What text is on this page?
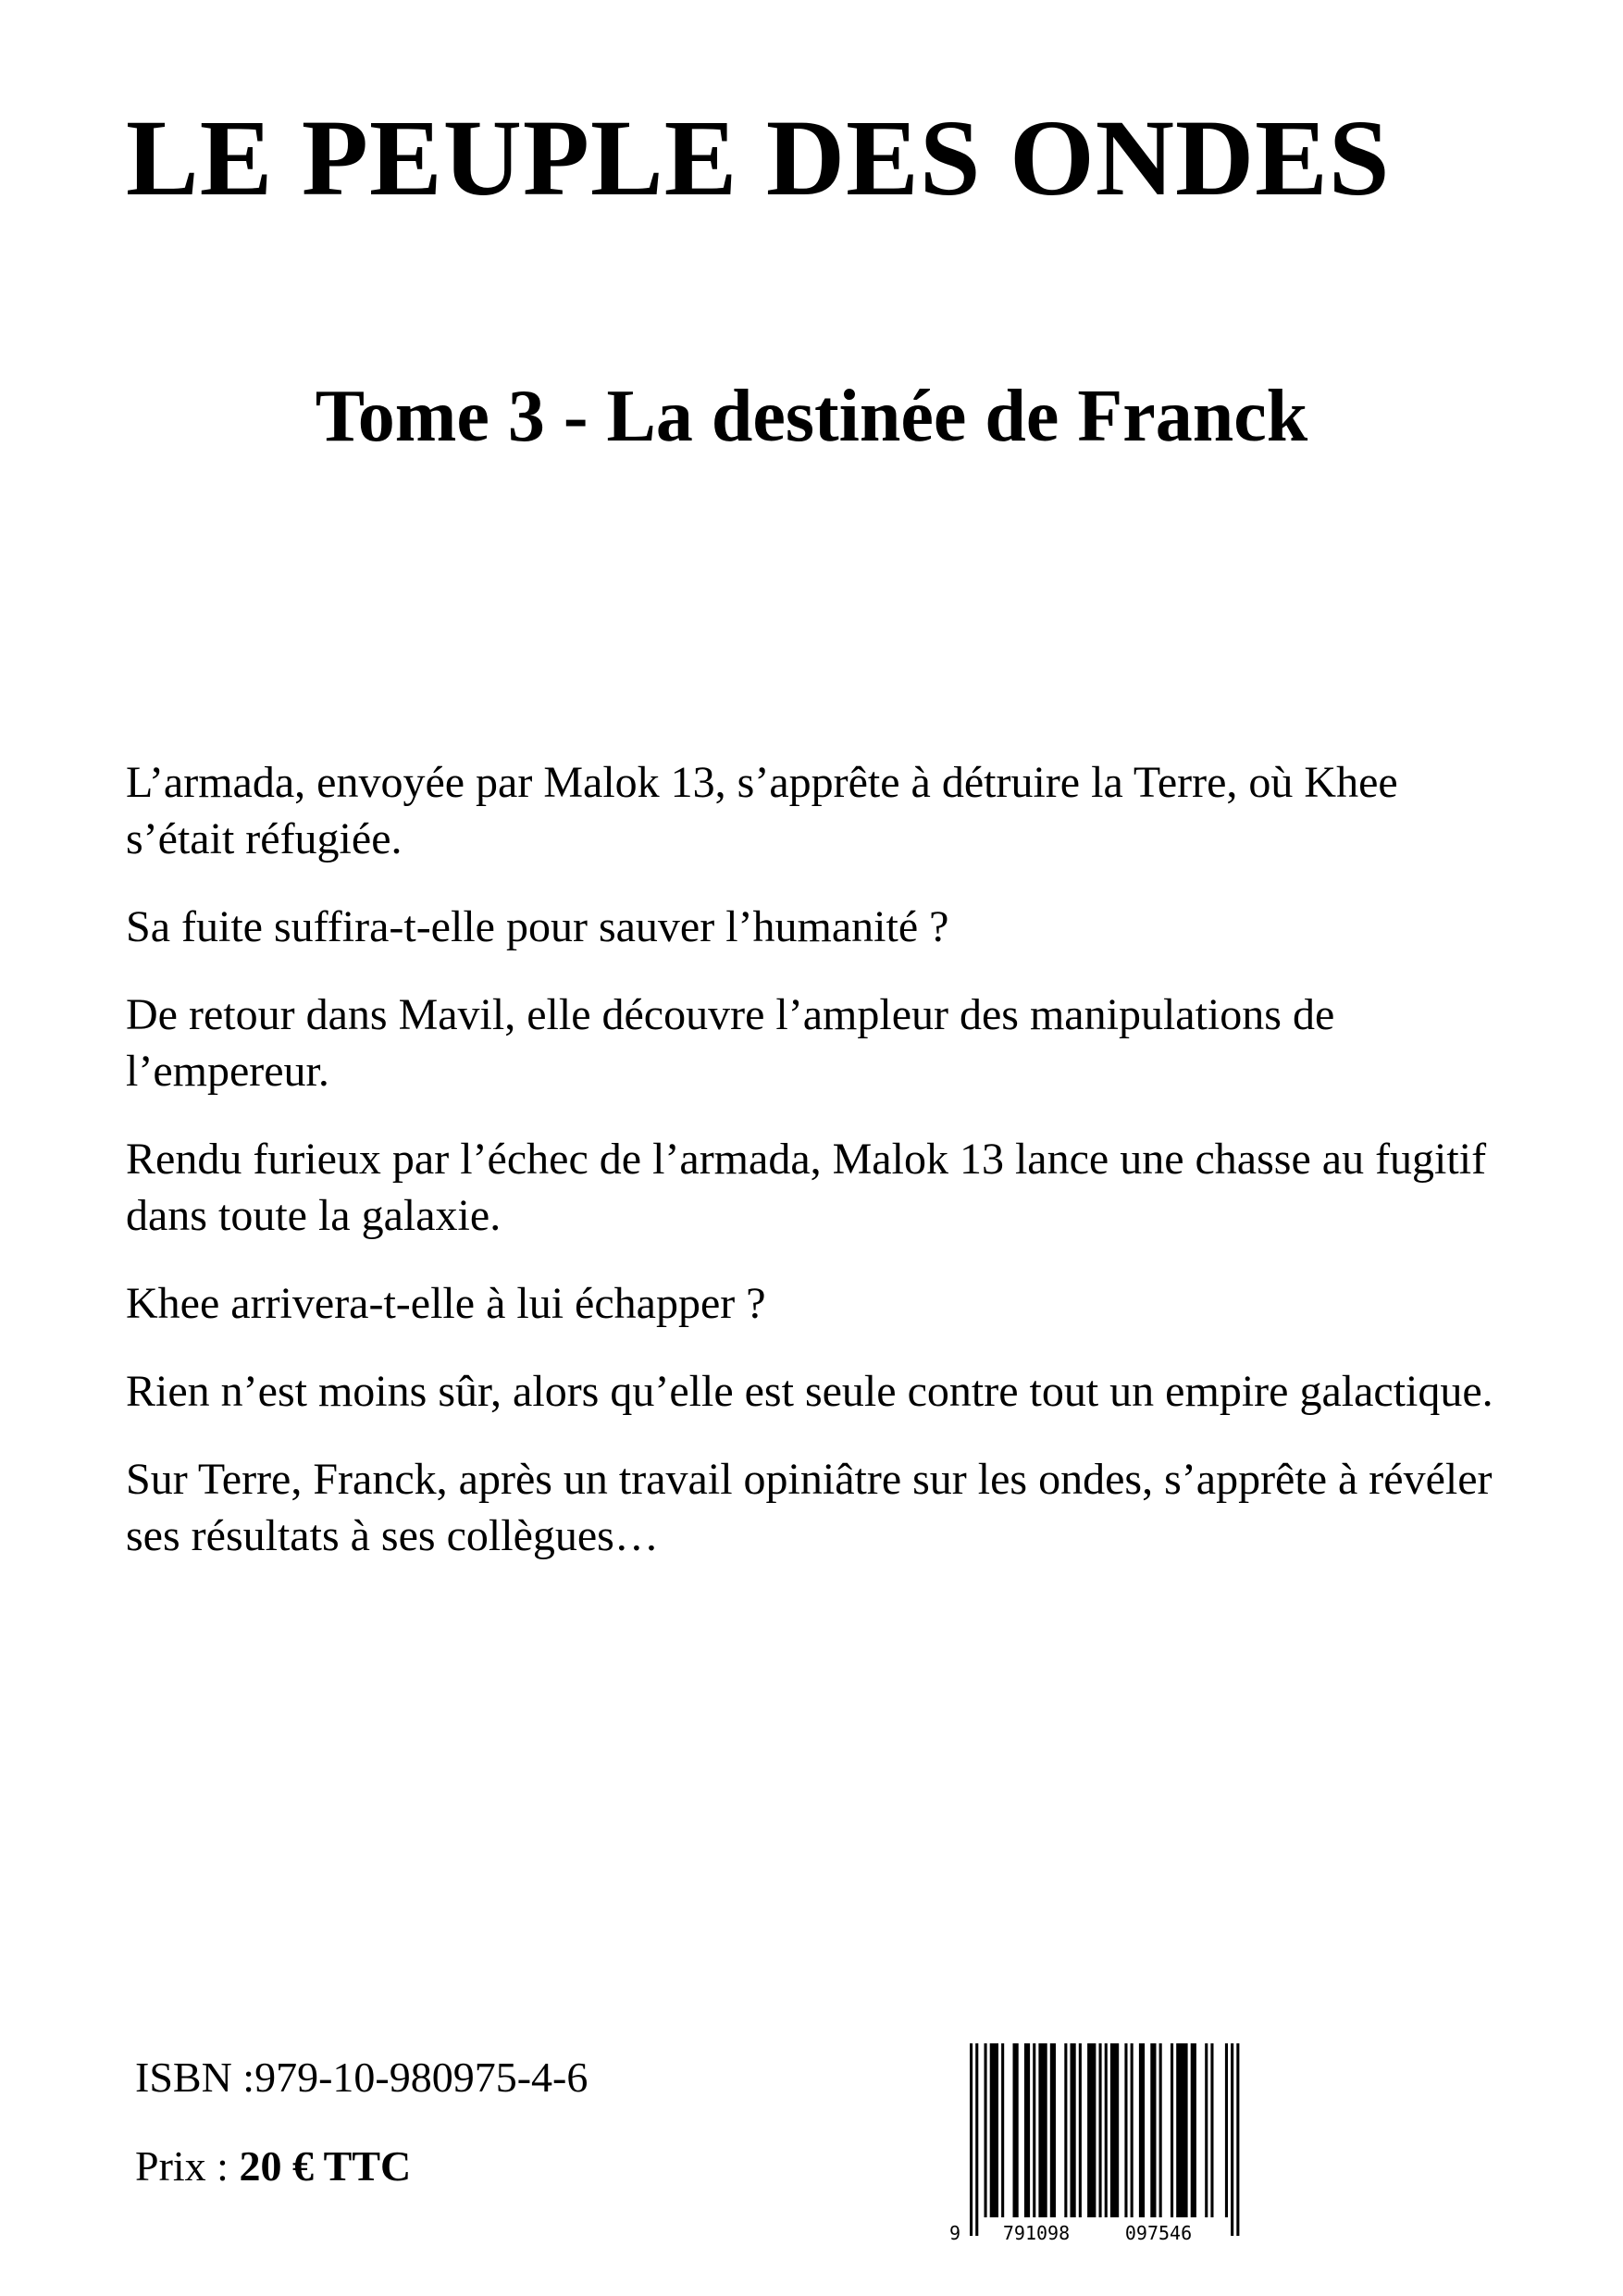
LE PEUPLE DES ONDES
Tome 3 - La destinée de Franck

L’armada, envoyée par Malok 13, s’apprête à détruire la Terre, où Khee s’était réfugiée.

Sa fuite suffira-t-elle pour sauver l’humanité ?

De retour dans Mavil, elle découvre l’ampleur des manipulations de l’empereur.

Rendu furieux par l’échec de l’armada, Malok 13 lance une chasse au fugitif dans toute la galaxie.

Khee arrivera-t-elle à lui échapper ?

Rien n’est moins sûr, alors qu’elle est seule contre tout un empire galactique.

Sur Terre, Franck, après un travail opiniâtre sur les ondes, s’apprête à révéler ses résultats à ses collègues…

ISBN :979-10-980975-4-6
Prix : 20 € TTC
9 791098	097546
